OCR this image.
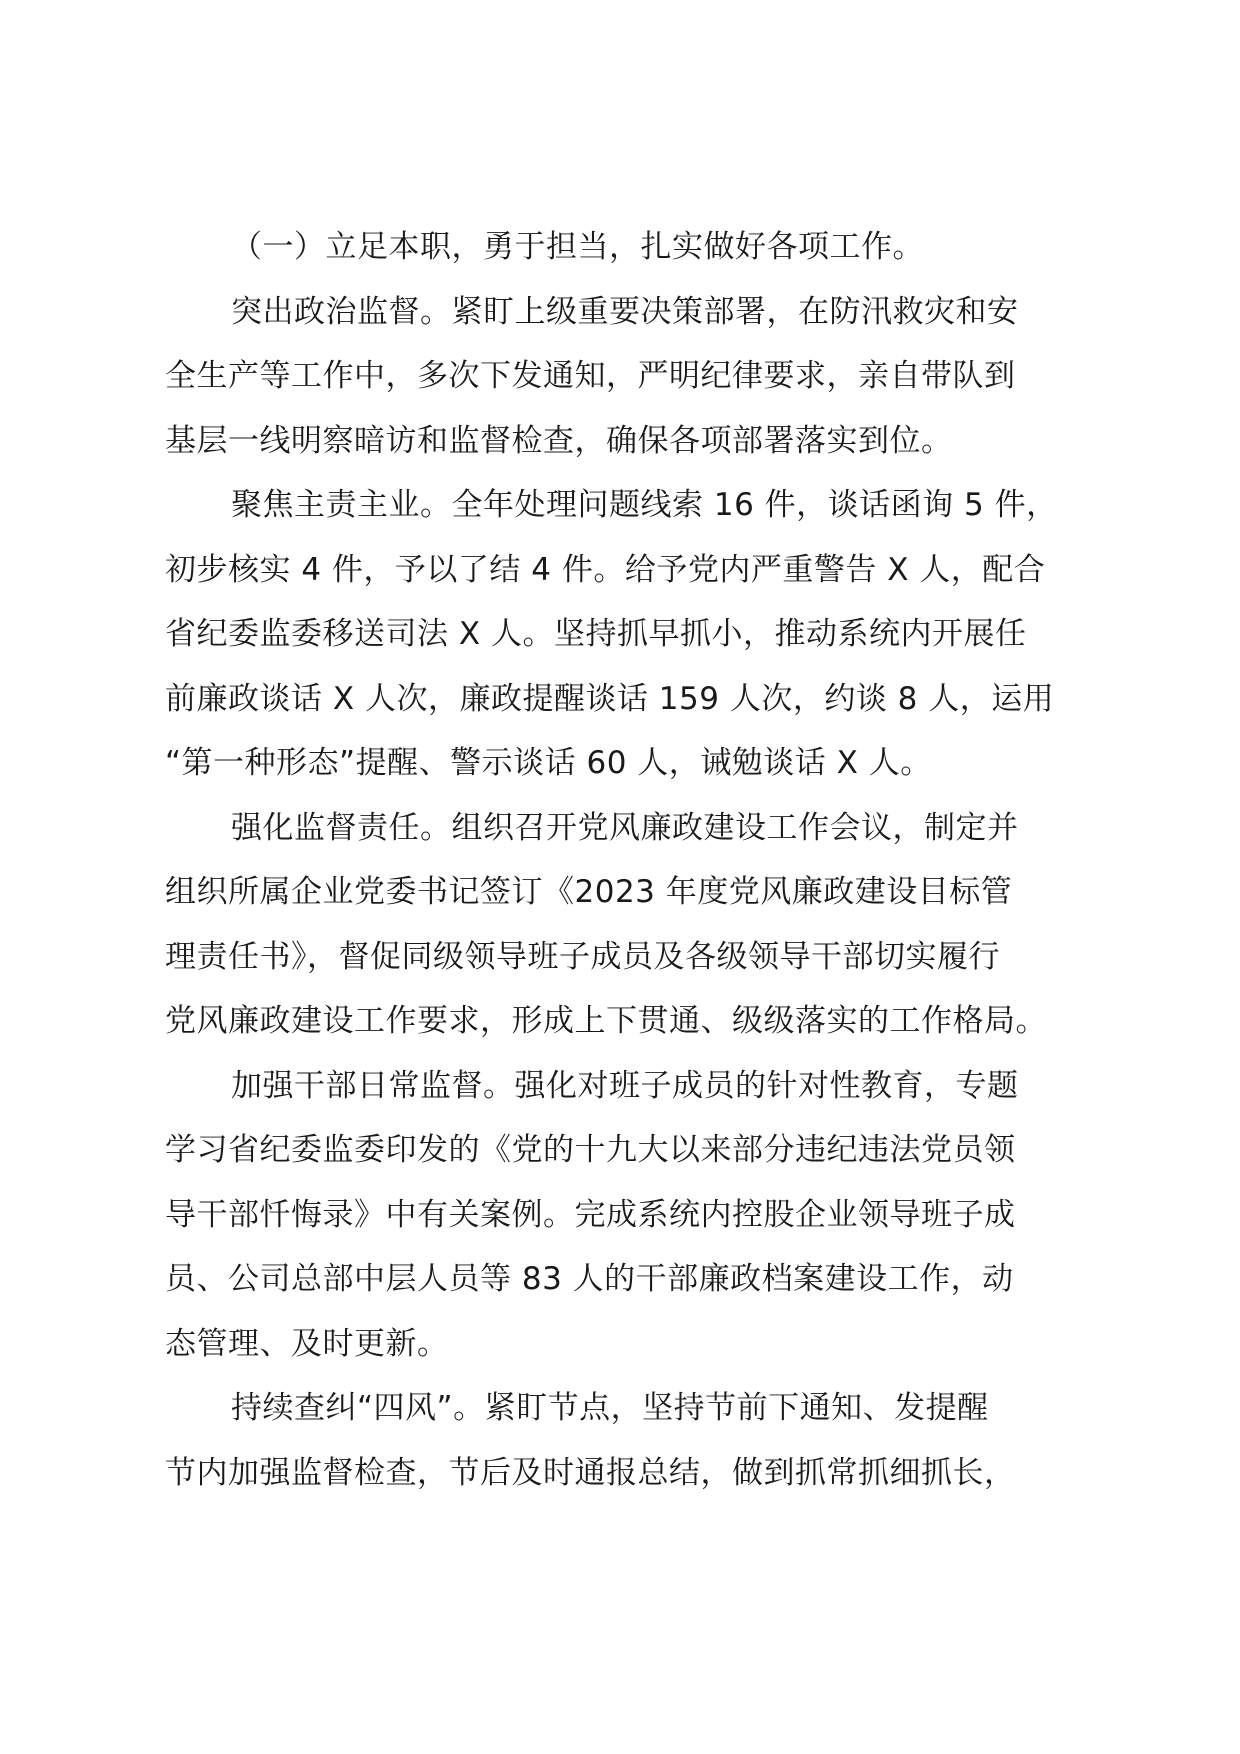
（一）立足本职，勇于担当，扎实做好各项工作。
突出政治监督。紧盯上级重要决策部署，在防汛救灾和安
全生产等工作中，多次下发通知，严明纪律要求，亲自带队到
基层一线明察暗访和监督检查，确保各项部署落实到位。
聚焦主责主业。全年处理问题线索 16 件，谈话函询 5 件，
初步核实 4 件，予以了结 4 件。给予党内严重警告 X 人，配合
省纪委监委移送司法 X 人。坚持抓早抓小，推动系统内开展任
前廉政谈话 X 人次，廉政提醒谈话 159 人次，约谈 8 人，运用
“第一种形态”提醒、警示谈话 60 人，诫勉谈话 X 人。
强化监督责任。组织召开党风廉政建设工作会议，制定并
组织所属企业党委书记签订《2023 年度党风廉政建设目标管
理责任书》，督促同级领导班子成员及各级领导干部切实履行
党风廉政建设工作要求，形成上下贯通、级级落实的工作格局。
加强干部日常监督。强化对班子成员的针对性教育，专题
学习省纪委监委印发的《党的十九大以来部分违纪违法党员领
导干部忏悔录》中有关案例。完成系统内控股企业领导班子成
员、公司总部中层人员等 83 人的干部廉政档案建设工作，动
态管理、及时更新。
持续查纠“四风”。紧盯节点，坚持节前下通知、发提醒
节内加强监督检查，节后及时通报总结，做到抓常抓细抓长，
